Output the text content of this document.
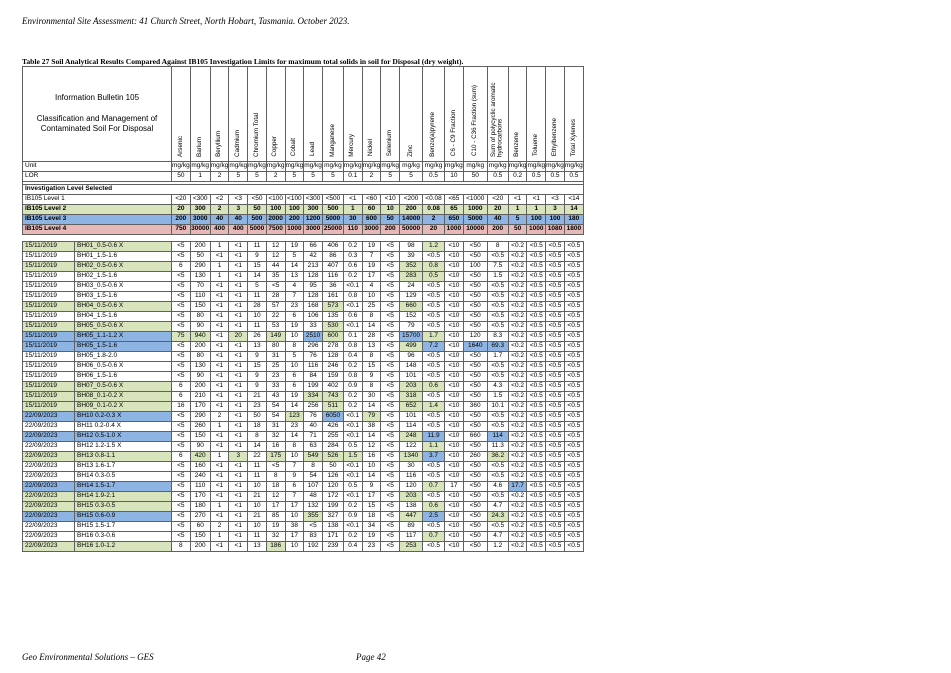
Environmental Site Assessment: 41 Church Street, North Hobart, Tasmania. October 2023.
Table 27 Soil Analytical Results Compared Against IB105 Investigation Limits for maximum total solids in soil for Disposal (dry weight).
Information Bulletin 105
Classification and Management of Contaminated Soil For Disposal		Arsenic	Barium	Beryllium	Cadmium	Chromium Total	Copper	Cobalt	Lead	Manganese	Mercury	Nickel	Selenium	Zinc	Benzo(a)pyrene	C6 - C9 Fraction	C10 - C36 Fraction (sum)	Sum of polycyclic aromatic hydrocarbons	Benzene	Toluene	Ethylbenzene	Total Xylenes
Unit		mg/kg	mg/kg	mg/kg	mg/kg	mg/kg	mg/kg	mg/kg	mg/kg	mg/kg	mg/kg	mg/kg	mg/kg	mg/kg	mg/kg	mg/kg	mg/kg	mg/kg	mg/kg	mg/kg	mg/kg	mg/kg
LOR		50	1	2	5	5	2	5	5	5	0.1	2	5	5	0.5	10	50	0.5	0.2	0.5	0.5	0.5

Investigation Level Selected																						
IB105 Level 1		<20	<300	<2	<3	<50	<100	<100	<300	<500	<1	<60	<10	<200	<0.08	<65	<1000	<20	<1	<1	<3	<14
IB105 Level 2		20	300	2	3	50	100	100	300	500	1	60	10	200	0.08	65	1000	20	1	1	3	14
IB105 Level 3		200	3000	40	40	500	2000	200	1200	5000	30	600	50	14000	2	650	5000	40	5	100	100	180
IB105 Level 4		750	30000	400	400	5000	7500	1000	3000	25000	110	3000	200	50000	20	1000	10000	200	50	1000	1080	1800

15/11/2019	BH01_0.5-0.6 X	<5	200	1	<1	11	12	19	66	406	0.2	19	<5	98	1.2	<10	<50	8	<0.2	<0.5	<0.5	<0.5
15/11/2019	BH01_1.5-1.6	<5	50	<1	<1	9	12	5	42	86	0.3	7	<5	39	<0.5	<10	<50	<0.5	<0.2	<0.5	<0.5	<0.5
15/11/2019	BH02_0.5-0.6 X	6	290	1	<1	15	44	14	213	407	0.6	19	<5	352	0.8	<10	100	7.5	<0.2	<0.5	<0.5	<0.5
15/11/2019	BH02_1.5-1.6	<5	130	1	<1	14	35	13	128	116	0.2	17	<5	283	0.5	<10	<50	1.5	<0.2	<0.5	<0.5	<0.5
15/11/2019	BH03_0.5-0.6 X	<5	70	<1	<1	5	<5	4	95	36	<0.1	4	<5	24	<0.5	<10	<50	<0.5	<0.2	<0.5	<0.5	<0.5
15/11/2019	BH03_1.5-1.6	<5	110	<1	<1	11	28	7	128	161	0.8	10	<5	129	<0.5	<10	<50	<0.5	<0.2	<0.5	<0.5	<0.5
15/11/2019	BH04_0.5-0.6 X	<5	150	<1	<1	28	57	23	168	573	<0.1	25	<5	660	<0.5	<10	<50	<0.5	<0.2	<0.5	<0.5	<0.5
15/11/2019	BH04_1.5-1.6	<5	80	<1	<1	10	22	6	106	135	0.6	8	<5	152	<0.5	<10	<50	<0.5	<0.2	<0.5	<0.5	<0.5
15/11/2019	BH05_0.5-0.6 X	<5	90	<1	<1	11	53	19	33	530	<0.1	14	<5	79	<0.5	<10	<50	<0.5	<0.2	<0.5	<0.5	<0.5
15/11/2019	BH05_1.1-1.2 X	75	940	<1	20	26	149	10	2510	600	0.1	28	<5	15700	1.7	<10	120	8.3	<0.2	<0.5	<0.5	<0.5
15/11/2019	BH05_1.5-1.6	<5	200	<1	<1	13	80	8	296	278	0.8	13	<5	499	7.2	<10	1640	69.3	<0.2	<0.5	<0.5	<0.5
15/11/2019	BH05_1.8-2.0	<5	80	<1	<1	9	31	5	76	128	0.4	8	<5	96	<0.5	<10	<50	1.7	<0.2	<0.5	<0.5	<0.5
15/11/2019	BH06_0.5-0.6 X	<5	130	<1	<1	15	25	10	116	246	0.2	15	<5	148	<0.5	<10	<50	<0.5	<0.2	<0.5	<0.5	<0.5
15/11/2019	BH06_1.5-1.6	<5	90	<1	<1	9	23	6	84	159	0.8	9	<5	101	<0.5	<10	<50	<0.5	<0.2	<0.5	<0.5	<0.5
15/11/2019	BH07_0.5-0.6 X	6	200	<1	<1	9	33	6	199	402	0.9	8	<5	203	0.6	<10	<50	4.3	<0.2	<0.5	<0.5	<0.5
15/11/2019	BH08_0.1-0.2 X	6	210	<1	<1	21	43	19	334	743	0.2	30	<5	318	<0.5	<10	<50	1.5	<0.2	<0.5	<0.5	<0.5
15/11/2019	BH09_0.1-0.2 X	16	170	<1	<1	23	54	14	256	511	0.2	14	<5	652	1.4	<10	360	10.1	<0.2	<0.5	<0.5	<0.5
22/09/2023	BH10 0.2-0.3 X	<5	290	2	<1	50	54	123	76	6050	<0.1	79	<5	101	<0.5	<10	<50	<0.5	<0.2	<0.5	<0.5	<0.5
22/09/2023	BH11 0.2-0.4 X	<5	260	1	<1	18	31	23	40	426	<0.1	38	<5	114	<0.5	<10	<50	<0.5	<0.2	<0.5	<0.5	<0.5
22/09/2023	BH12 0.5-1.0 X	<5	150	<1	<1	8	32	14	71	255	<0.1	14	<5	248	11.9	<10	660	114	<0.2	<0.5	<0.5	<0.5
22/09/2023	BH12 1.2-1.5 X	<5	90	<1	<1	14	16	8	63	284	0.5	12	<5	122	1.1	<10	<50	11.3	<0.2	<0.5	<0.5	<0.5
22/09/2023	BH13 0.8-1.1	6	420	1	3	22	175	10	549	526	1.5	16	<5	1340	3.7	<10	260	36.2	<0.2	<0.5	<0.5	<0.5
22/09/2023	BH13 1.6-1.7	<5	160	<1	<1	11	<5	7	8	50	<0.1	10	<5	30	<0.5	<10	<50	<0.5	<0.2	<0.5	<0.5	<0.5
22/09/2023	BH14 0.3-0.5	<5	240	<1	<1	11	8	9	54	126	<0.1	14	<5	116	<0.5	<10	<50	<0.5	<0.2	<0.5	<0.5	<0.5
22/09/2023	BH14 1.5-1.7	<5	110	<1	<1	10	18	6	107	120	0.5	9	<5	120	0.7	17	<50	4.6	17.7	<0.5	<0.5	<0.5
22/09/2023	BH14 1.9-2.1	<5	170	<1	<1	21	12	7	48	172	<0.1	17	<5	203	<0.5	<10	<50	<0.5	<0.2	<0.5	<0.5	<0.5
22/09/2023	BH15 0.3-0.5	<5	180	1	<1	10	17	17	132	199	0.2	15	<5	138	0.6	<10	<50	4.7	<0.2	<0.5	<0.5	<0.5
22/09/2023	BH15 0.6-0.9	<5	270	<1	<1	21	85	10	355	327	0.9	18	<5	447	2.5	<10	<50	24.3	<0.2	<0.5	<0.5	<0.5
22/09/2023	BH15 1.5-1.7	<5	60	2	<1	10	19	38	<5	138	<0.1	34	<5	89	<0.5	<10	<50	<0.5	<0.2	<0.5	<0.5	<0.5
22/09/2023	BH16 0.3-0.6	<5	150	1	<1	11	32	17	83	171	0.2	19	<5	117	0.7	<10	<50	4.7	<0.2	<0.5	<0.5	<0.5
22/09/2023	BH16 1.0-1.2	8	200	<1	<1	13	186	10	192	239	0.4	23	<5	253	<0.5	<10	<50	1.2	<0.2	<0.5	<0.5	<0.5
Geo Environmental Solutions – GES	Page 42
